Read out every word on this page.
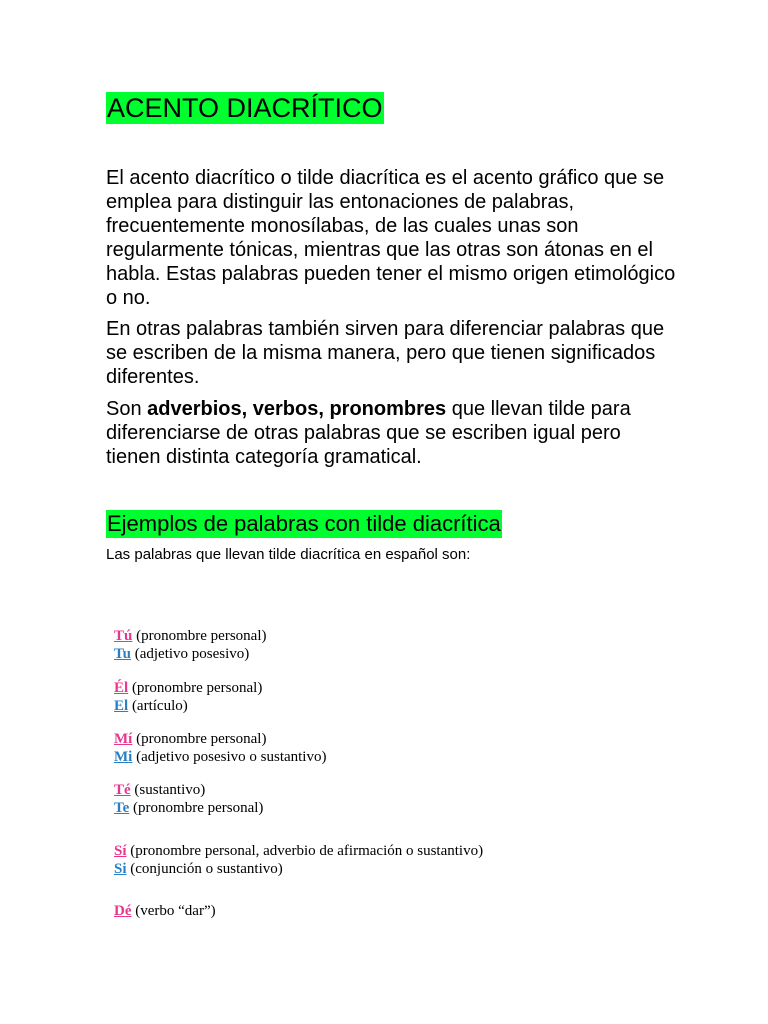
ACENTO DIACRÍTICO

El acento diacrítico o tilde diacrítica es el acento gráfico que se emplea para distinguir las entonaciones de palabras, frecuentemente monosílabas, de las cuales unas son regularmente tónicas, mientras que las otras son átonas en el habla. Estas palabras pueden tener el mismo origen etimológico o no.

En otras palabras también sirven para diferenciar palabras que se escriben de la misma manera, pero que tienen significados diferentes.

Son adverbios, verbos, pronombres que llevan tilde para diferenciarse de otras palabras que se escriben igual pero tienen distinta categoría gramatical.

Ejemplos de palabras con tilde diacrítica

Las palabras que llevan tilde diacrítica en español son:

Tú (pronombre personal)
Tu (adjetivo posesivo)
Él (pronombre personal)
El (artículo)
Mí (pronombre personal)
Mi (adjetivo posesivo o sustantivo)
Té (sustantivo)
Te (pronombre personal)
Sí (pronombre personal, adverbio de afirmación o sustantivo)
Si (conjunción o sustantivo)
Dé (verbo “dar”)
